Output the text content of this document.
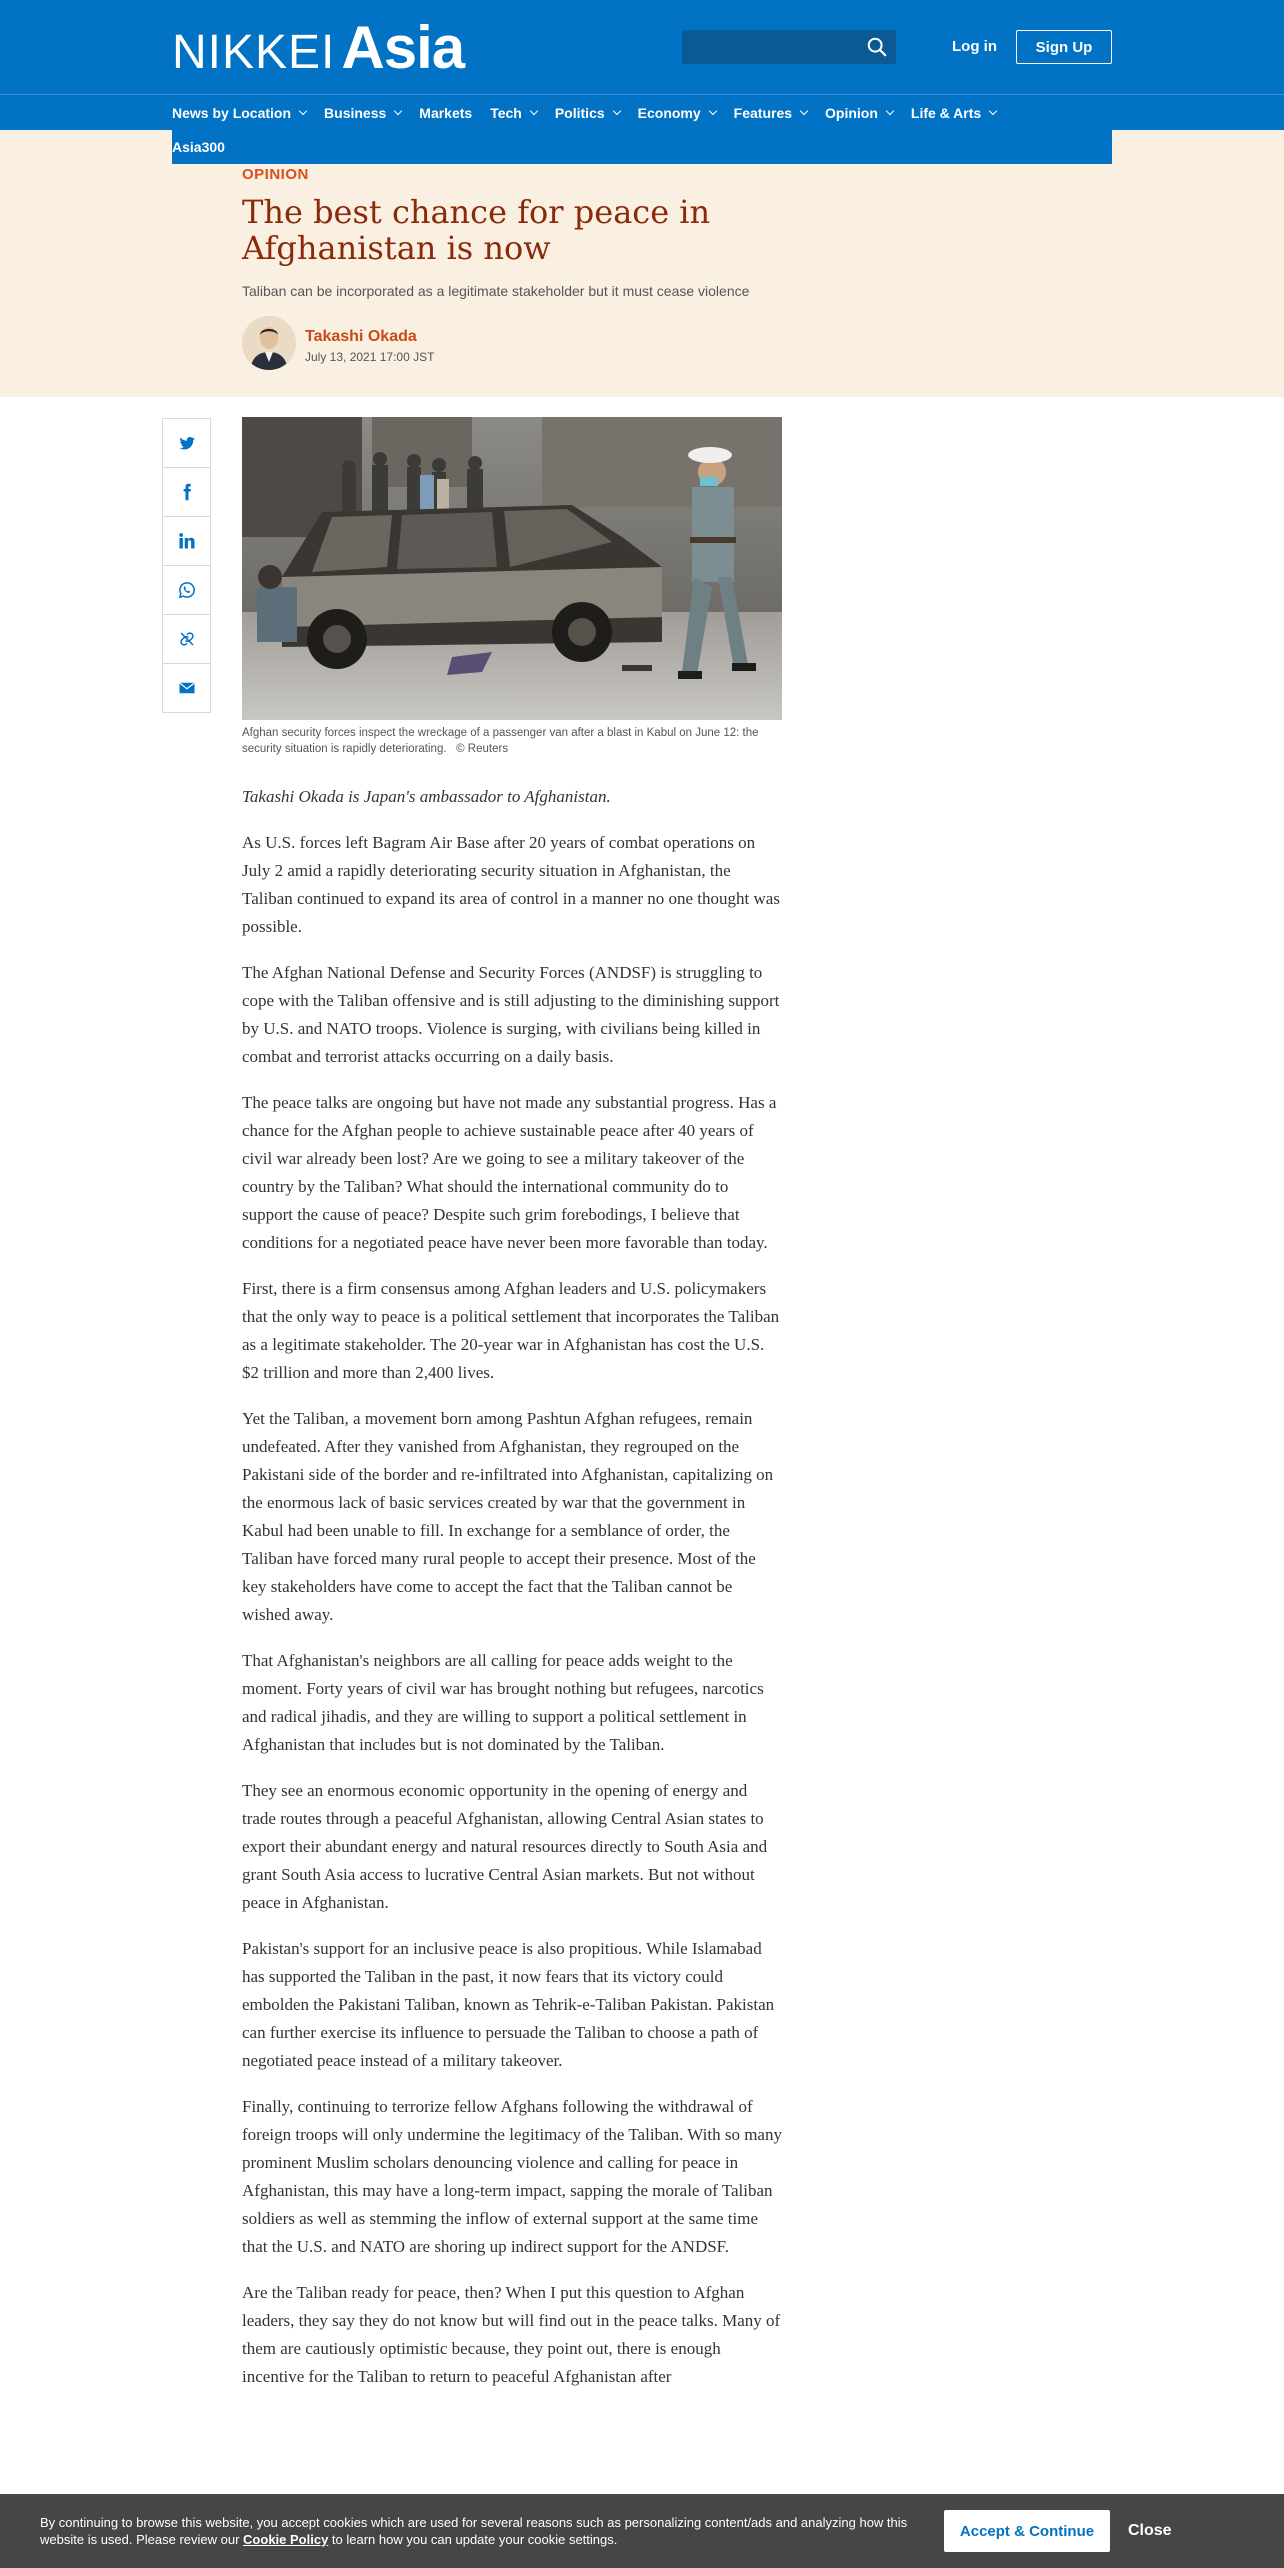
NIKKEI Asia	Log in	Sign Up
News by Location Business Markets Tech Politics Economy Features Opinion Life & Arts
Asia300
OPINION
The best chance for peace in Afghanistan is now
Taliban can be incorporated as a legitimate stakeholder but it must cease violence
Takashi Okada
July 13, 2021 17:00 JST
Afghan security forces inspect the wreckage of a passenger van after a blast in Kabul on June 12: the security situation is rapidly deteriorating. © Reuters

Takashi Okada is Japan's ambassador to Afghanistan.

As U.S. forces left Bagram Air Base after 20 years of combat operations on July 2 amid a rapidly deteriorating security situation in Afghanistan, the Taliban continued to expand its area of control in a manner no one thought was possible.

The Afghan National Defense and Security Forces (ANDSF) is struggling to cope with the Taliban offensive and is still adjusting to the diminishing support by U.S. and NATO troops. Violence is surging, with civilians being killed in combat and terrorist attacks occurring on a daily basis.

The peace talks are ongoing but have not made any substantial progress. Has a chance for the Afghan people to achieve sustainable peace after 40 years of civil war already been lost? Are we going to see a military takeover of the country by the Taliban? What should the international community do to support the cause of peace? Despite such grim forebodings, I believe that conditions for a negotiated peace have never been more favorable than today.

First, there is a firm consensus among Afghan leaders and U.S. policymakers that the only way to peace is a political settlement that incorporates the Taliban as a legitimate stakeholder. The 20-year war in Afghanistan has cost the U.S. $2 trillion and more than 2,400 lives.

Yet the Taliban, a movement born among Pashtun Afghan refugees, remain undefeated. After they vanished from Afghanistan, they regrouped on the Pakistani side of the border and re-infiltrated into Afghanistan, capitalizing on the enormous lack of basic services created by war that the government in Kabul had been unable to fill. In exchange for a semblance of order, the Taliban have forced many rural people to accept their presence. Most of the key stakeholders have come to accept the fact that the Taliban cannot be wished away.

That Afghanistan's neighbors are all calling for peace adds weight to the moment. Forty years of civil war has brought nothing but refugees, narcotics and radical jihadis, and they are willing to support a political settlement in Afghanistan that includes but is not dominated by the Taliban.

They see an enormous economic opportunity in the opening of energy and trade routes through a peaceful Afghanistan, allowing Central Asian states to export their abundant energy and natural resources directly to South Asia and grant South Asia access to lucrative Central Asian markets. But not without peace in Afghanistan.

Pakistan's support for an inclusive peace is also propitious. While Islamabad has supported the Taliban in the past, it now fears that its victory could embolden the Pakistani Taliban, known as Tehrik-e-Taliban Pakistan. Pakistan can further exercise its influence to persuade the Taliban to choose a path of negotiated peace instead of a military takeover.

Finally, continuing to terrorize fellow Afghans following the withdrawal of foreign troops will only undermine the legitimacy of the Taliban. With so many prominent Muslim scholars denouncing violence and calling for peace in Afghanistan, this may have a long-term impact, sapping the morale of Taliban soldiers as well as stemming the inflow of external support at the same time that the U.S. and NATO are shoring up indirect support for the ANDSF.

Are the Taliban ready for peace, then? When I put this question to Afghan leaders, they say they do not know but will find out in the peace talks. Many of them are cautiously optimistic because, they point out, there is enough incentive for the Taliban to return to peaceful Afghanistan after

By continuing to browse this website, you accept cookies which are used for several reasons such as personalizing content/ads and analyzing how this website is used. Please review our Cookie Policy to learn how you can update your cookie settings.	Accept & Continue	Close
